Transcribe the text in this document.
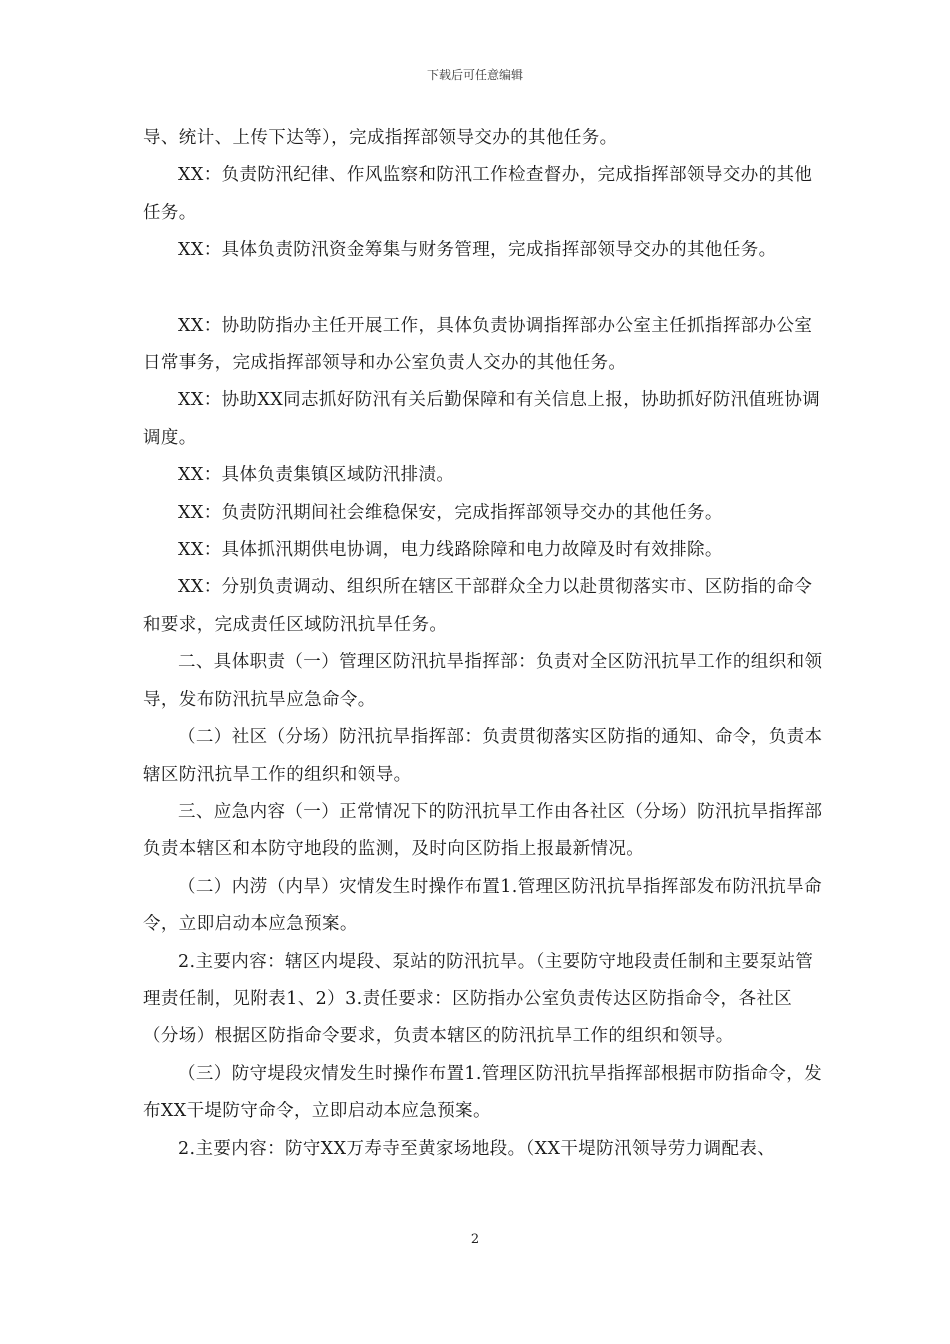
下载后可任意编辑

导、统计、上传下达等），完成指挥部领导交办的其他任务。

XX：负责防汛纪律、作风监察和防汛工作检查督办，完成指挥部领导交办的其他任务。

XX：具体负责防汛资金筹集与财务管理，完成指挥部领导交办的其他任务。

XX：协助防指办主任开展工作，具体负责协调指挥部办公室主任抓指挥部办公室日常事务，完成指挥部领导和办公室负责人交办的其他任务。

XX：协助XX同志抓好防汛有关后勤保障和有关信息上报，协助抓好防汛值班协调调度。

XX：具体负责集镇区域防汛排渍。

XX：负责防汛期间社会维稳保安，完成指挥部领导交办的其他任务。

XX：具体抓汛期供电协调，电力线路除障和电力故障及时有效排除。

XX：分别负责调动、组织所在辖区干部群众全力以赴贯彻落实市、区防指的命令和要求，完成责任区域防汛抗旱任务。

二、具体职责（一）管理区防汛抗旱指挥部：负责对全区防汛抗旱工作的组织和领导，发布防汛抗旱应急命令。

（二）社区（分场）防汛抗旱指挥部：负责贯彻落实区防指的通知、命令，负责本辖区防汛抗旱工作的组织和领导。

三、应急内容（一）正常情况下的防汛抗旱工作由各社区（分场）防汛抗旱指挥部负责本辖区和本防守地段的监测，及时向区防指上报最新情况。

（二）内涝（内旱）灾情发生时操作布置1.管理区防汛抗旱指挥部发布防汛抗旱命令，立即启动本应急预案。

2.主要内容：辖区内堤段、泵站的防汛抗旱。（主要防守地段责任制和主要泵站管理责任制，见附表1、2）3.责任要求：区防指办公室负责传达区防指命令，各社区（分场）根据区防指命令要求，负责本辖区的防汛抗旱工作的组织和领导。

（三）防守堤段灾情发生时操作布置1.管理区防汛抗旱指挥部根据市防指命令，发布XX干堤防守命令，立即启动本应急预案。

2.主要内容：防守XX万寿寺至黄家场地段。（XX干堤防汛领导劳力调配表、

2
